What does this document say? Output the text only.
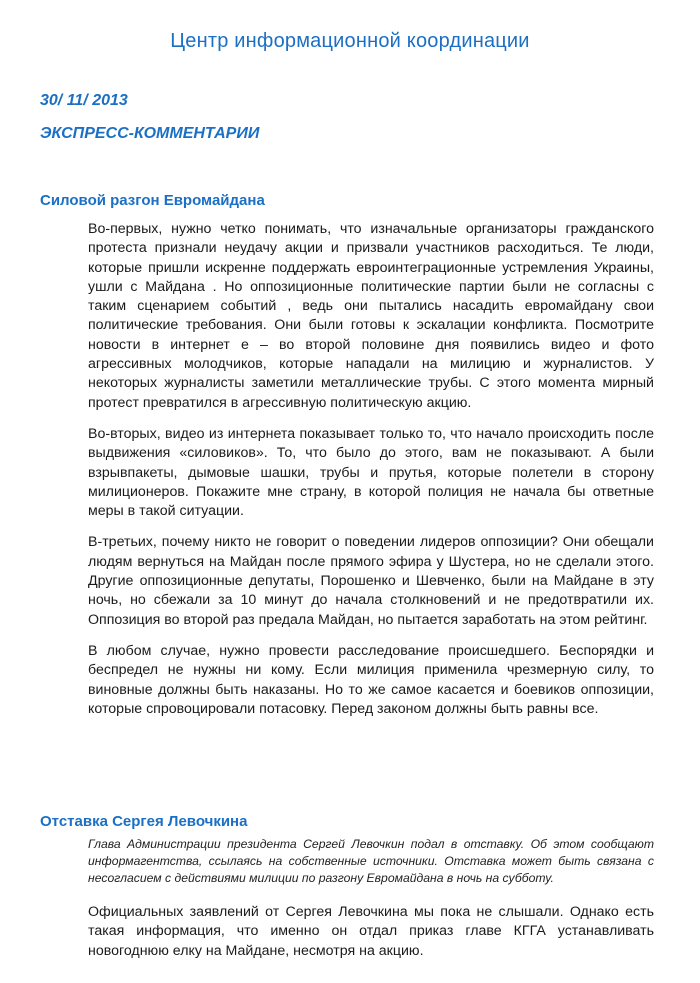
Центр информационной координации
30/ 11/ 2013
ЭКСПРЕСС-КОММЕНТАРИИ
Силовой разгон Евромайдана

Во-первых, нужно четко понимать, что изначальные организаторы гражданского протеста признали неудачу акции и призвали участников расходиться. Те люди, которые пришли искренне поддержать евроинтеграционные устремления Украины, ушли с Майдана . Но оппозиционные политические партии были не согласны с таким сценарием событий , ведь они пытались насадить евромайдану свои политические требования. Они были готовы к эскалации конфликта. Посмотрите новости в интернет е – во второй половине дня появились видео и фото агрессивных молодчиков, которые нападали на милицию и журналистов. У некоторых журналисты заметили металлические трубы. С этого момента мирный протест превратился в агрессивную политическую акцию.

Во-вторых, видео из интернета показывает только то, что начало происходить после выдвижения «силовиков». То, что было до этого, вам не показывают. А были взрывпакеты, дымовые шашки, трубы и прутья, которые полетели в сторону милиционеров. Покажите мне страну, в которой полиция не начала бы ответные меры в такой ситуации.

В-третьих, почему никто не говорит о поведении лидеров оппозиции? Они обещали людям вернуться на Майдан после прямого эфира у Шустера, но не сделали этого. Другие оппозиционные депутаты, Порошенко и Шевченко, были на Майдане в эту ночь, но сбежали за 10 минут до начала столкновений и не предотвратили их. Оппозиция во второй раз предала Майдан, но пытается заработать на этом рейтинг.

В любом случае, нужно провести расследование происшедшего. Беспорядки и беспредел не нужны ни кому. Если милиция применила чрезмерную силу, то виновные должны быть наказаны. Но то же самое касается и боевиков оппозиции, которые спровоцировали потасовку. Перед законом должны быть равны все.

Отставка Сергея Левочкина

Глава Администрации президента Сергей Левочкин подал в отставку. Об этом сообщают информагентства, ссылаясь на собственные источники. Отставка может быть связана с несогласием с действиями милиции по разгону Евромайдана в ночь на субботу.

Официальных заявлений от Сергея Левочкина мы пока не слышали. Однако есть такая информация, что именно он отдал приказ главе КГГА устанавливать новогоднюю елку на Майдане, несмотря на акцию.
